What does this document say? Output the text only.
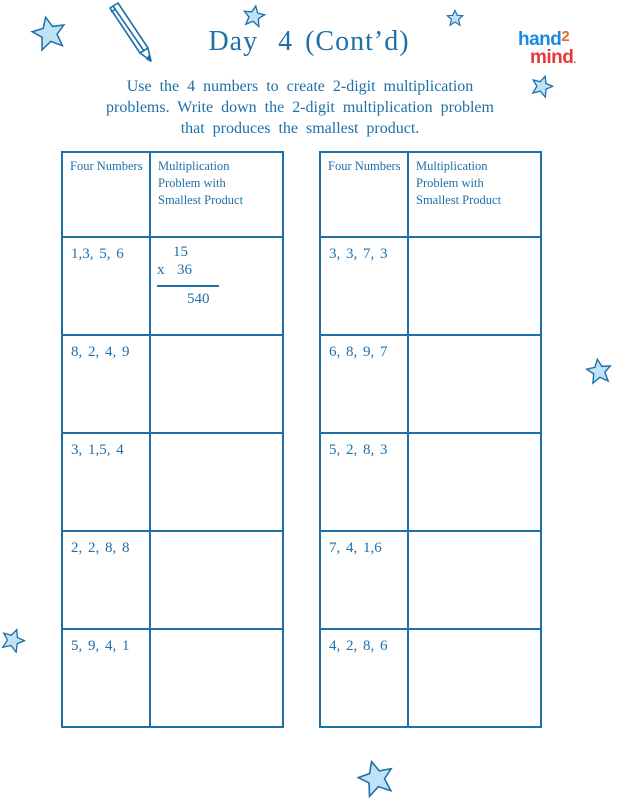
Day 4 (Cont’d)	hand$^2$
mind.
Use the 4 numbers to create 2-digit multiplication
problems. Write down the 2-digit multiplication problem
that produces the smallest product.
Four Numbers	Multiplication Problem with Smallest Product

1,3, 5, 6	15
x 36
540

8, 2, 4, 9	

3, 1,5, 4	

2, 2, 8, 8	

5, 9, 4, 1	

Four Numbers	Multiplication Problem with Smallest Product

3, 3, 7, 3	

6, 8, 9, 7	

5, 2, 8, 3	

7, 4, 1,6	

4, 2, 8, 6	
